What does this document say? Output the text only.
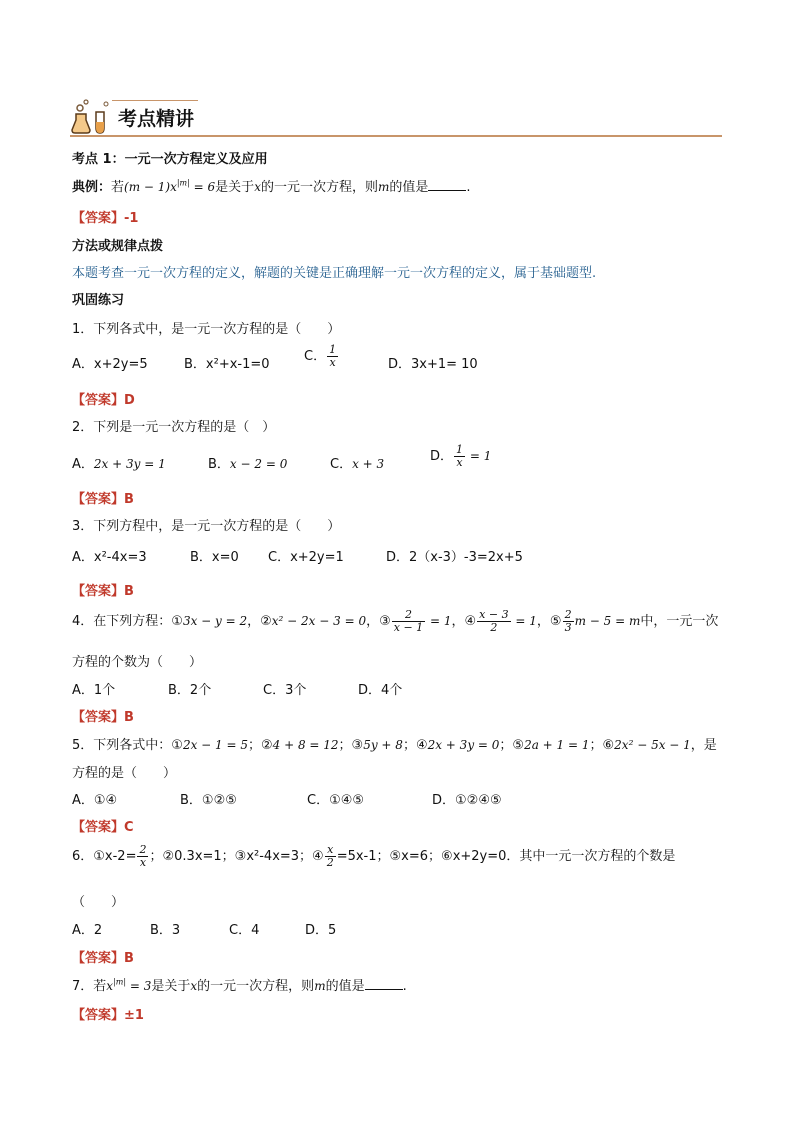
考点精讲
考点 1：一元一次方程定义及应用
典例：若$(m - 1)x^{|m|} = 6$是关于x的一元一次方程，则m的值是	.
【答案】-1
方法或规律点拨
本题考查一元一次方程的定义，解题的关键是正确理解一元一次方程的定义，属于基础题型.
巩固练习
1．下列各式中，是一元一次方程的是（　　）
A．x+2y=5	B．x²+x-1=0
C． $\frac{1}{x}$	D．3x+1= 10
【答案】D
2．下列是一元一次方程的是（　）
A．2x + 3y = 1	B．x − 2 = 0	C．x + 3	D． $\frac{1}{x} = 1$
【答案】B
3．下列方程中，是一元一次方程的是（　　）
A．x²-4x=3	B．x=0 C．x+2y=1	D．2（x-3）-3=2x+5
【答案】B
4．在下列方程：①3x − y = 2，②x² − 2x − 3 = 0，③ $\frac{2}{x - 1} = 1$，④ $\frac{x - 3}{2} = 1$，⑤ $\frac{2}{3}$ m − 5 = m中，一元一次
方程的个数为（　　）
A．1个	B．2个	C．3个	D．4个
【答案】B
5．下列各式中：①2x − 1 = 5；②4 + 8 = 12；③5y + 8；④2x + 3y = 0；⑤2a + 1 = 1；⑥2x² − 5x − 1，是
方程的是（　　）
A．①④	B．①②⑤	C．①④⑤	D．①②④⑤
【答案】C
6．①x-2= $\frac{2}{x}$ ；②0.3x=1；③x²-4x=3；④ $\frac{x}{2} =5x-1$；⑤x=6；⑥x+2y=0．其中一元一次方程的个数是
（　　）
A．2	B．3	C．4	D．5
【答案】B
7．若$x^{|m|} = 3$是关于x的一元一次方程，则m的值是	.
【答案】±1
